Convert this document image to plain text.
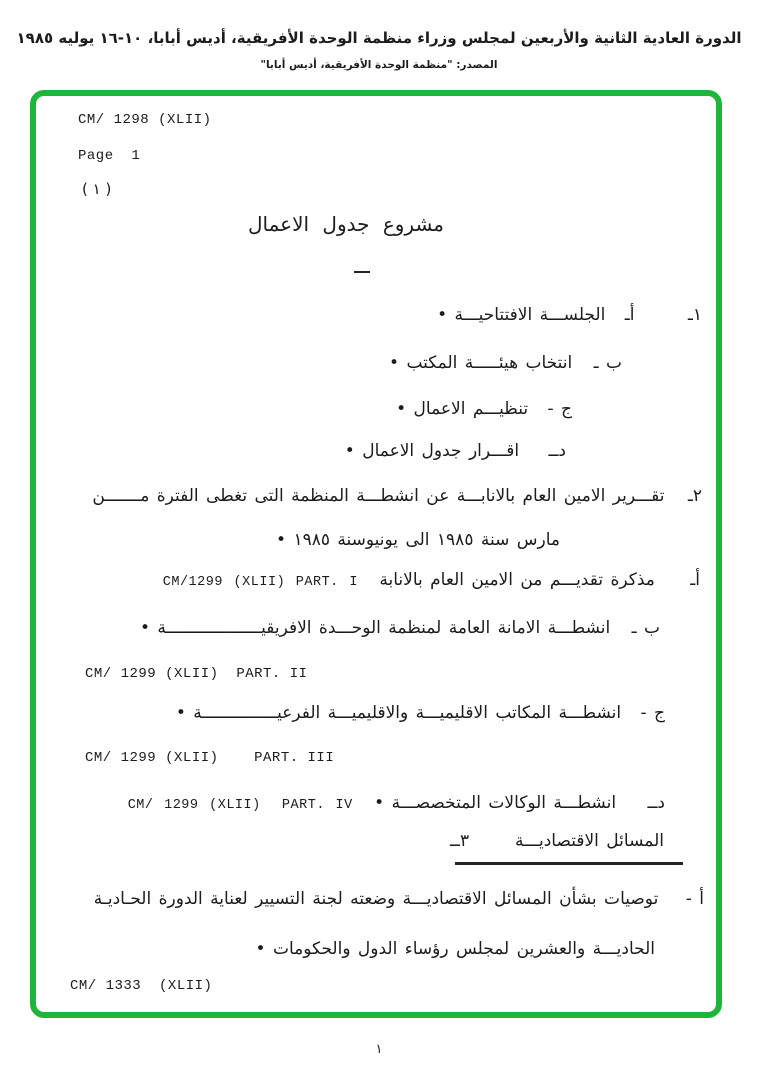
الدورة العادية الثانية والأربعين لمجلس وزراء منظمة الوحدة الأفريقية، أديس أبابا، ١٠-١٦ يوليه ١٩٨٥
المصدر: "منظمة الوحدة الأفريقية، أديس أبابا"
CM/ 1298 (XLII)
Page  1
( ١ )
مشروع جدول الاعمال
١ـ أـ الجلســـة الافتتاحيـــة •
ب ـ انتخاب هيئـــــة المكتب •
ج - تنظيـــم الاعمال •
دــ اقـــرار جدول الاعمال •
٢ـ تقـــرير الامين العام بالانابـــة عن انشطـــة المنظمة التى تغطى الفترة مـــــــن
مارس سنة ١٩٨٥ الى يونيوسنة ١٩٨٥ •
أـ مذكرة تقديـــم من الامين العام بالانابة CM/1299 (XLII) PART. I
ب ـ انشطـــة الامانة العامة لمنظمة الوحـــدة الافريقيـــــــــــــــــــة •
CM/ 1299 (XLII)  PART. II
ج - انشطـــة المكاتب الاقليميـــة والاقليميـــة الفرعيـــــــــــــــة •
CM/ 1299 (XLII)    PART. III
دــ انشطـــة الوكالات المتخصصـــة • CM/ 1299 (XLII)  PART. IV
المسائل الاقتصاديـــة
٣ــ
أ - توصيات بشأن المسائل الاقتصاديـــة وضعته لجنة التسيير لعناية الدورة الحـاديـة
الحاديـــة والعشرين لمجلس رؤساء الدول والحكومات •
CM/ 1333  (XLII)
١
